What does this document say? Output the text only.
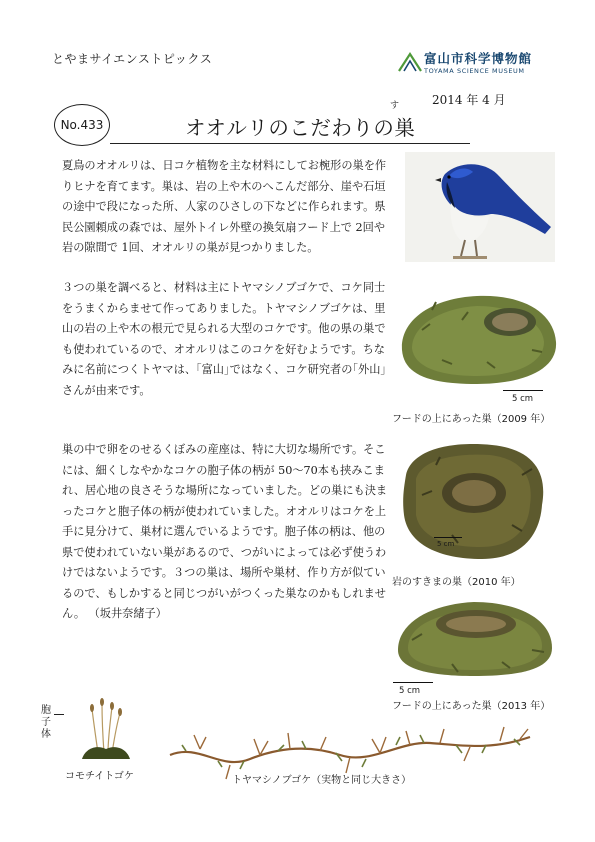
とやまサイエンストピックス	富山市科学博物館
TOYAMA SCIENCE MUSEUM
2014 年 4 月
No.433
す
オオルリのこだわりの巣
夏鳥のオオルリは、日コケ植物を主な材料にしてお椀形の巣を作りヒナを育てます。巣は、岩の上や木のへこんだ部分、崖や石垣の途中で段になった所、人家のひさしの下などに作られます。県民公園頼成の森では、屋外トイレ外壁の換気扇フード上で 2回や岩の隙間で 1回、オオルリの巣が見つかりました。
３つの巣を調べると、材料は主にトヤマシノブゴケで、コケ同士をうまくからませて作ってありました。トヤマシノブゴケは、里山の岩の上や木の根元で見られる大型のコケです。他の県の巣でも使われているので、オオルリはこのコケを好むようです。ちなみに名前につくトヤマは、｢富山｣ではなく、コケ研究者の｢外山｣さんが由来です。
巣の中で卵をのせるくぼみの産座は、特に大切な場所です。そこには、細くしなやかなコケの胞子体の柄が 50～70本も挟みこまれ、居心地の良さそうな場所になっていました。どの巣にも決まったコケと胞子体の柄が使われていました。オオルリはコケを上手に見分けて、巣材に選んでいるようです。胞子体の柄は、他の県で使われていない巣があるので、つがいによっては必ず使うわけではないようです。３つの巣は、場所や巣材、作り方が似ているので、もしかすると同じつがいがつくった巣なのかもしれません。 （坂井奈緒子）
5 cm
フードの上にあった巣（2009 年）
5 cm
岩のすきまの巣（2010 年）
5 cm
フードの上にあった巣（2013 年）
胞子体
コモチイトゴケ	トヤマシノブゴケ（実物と同じ大きさ）
